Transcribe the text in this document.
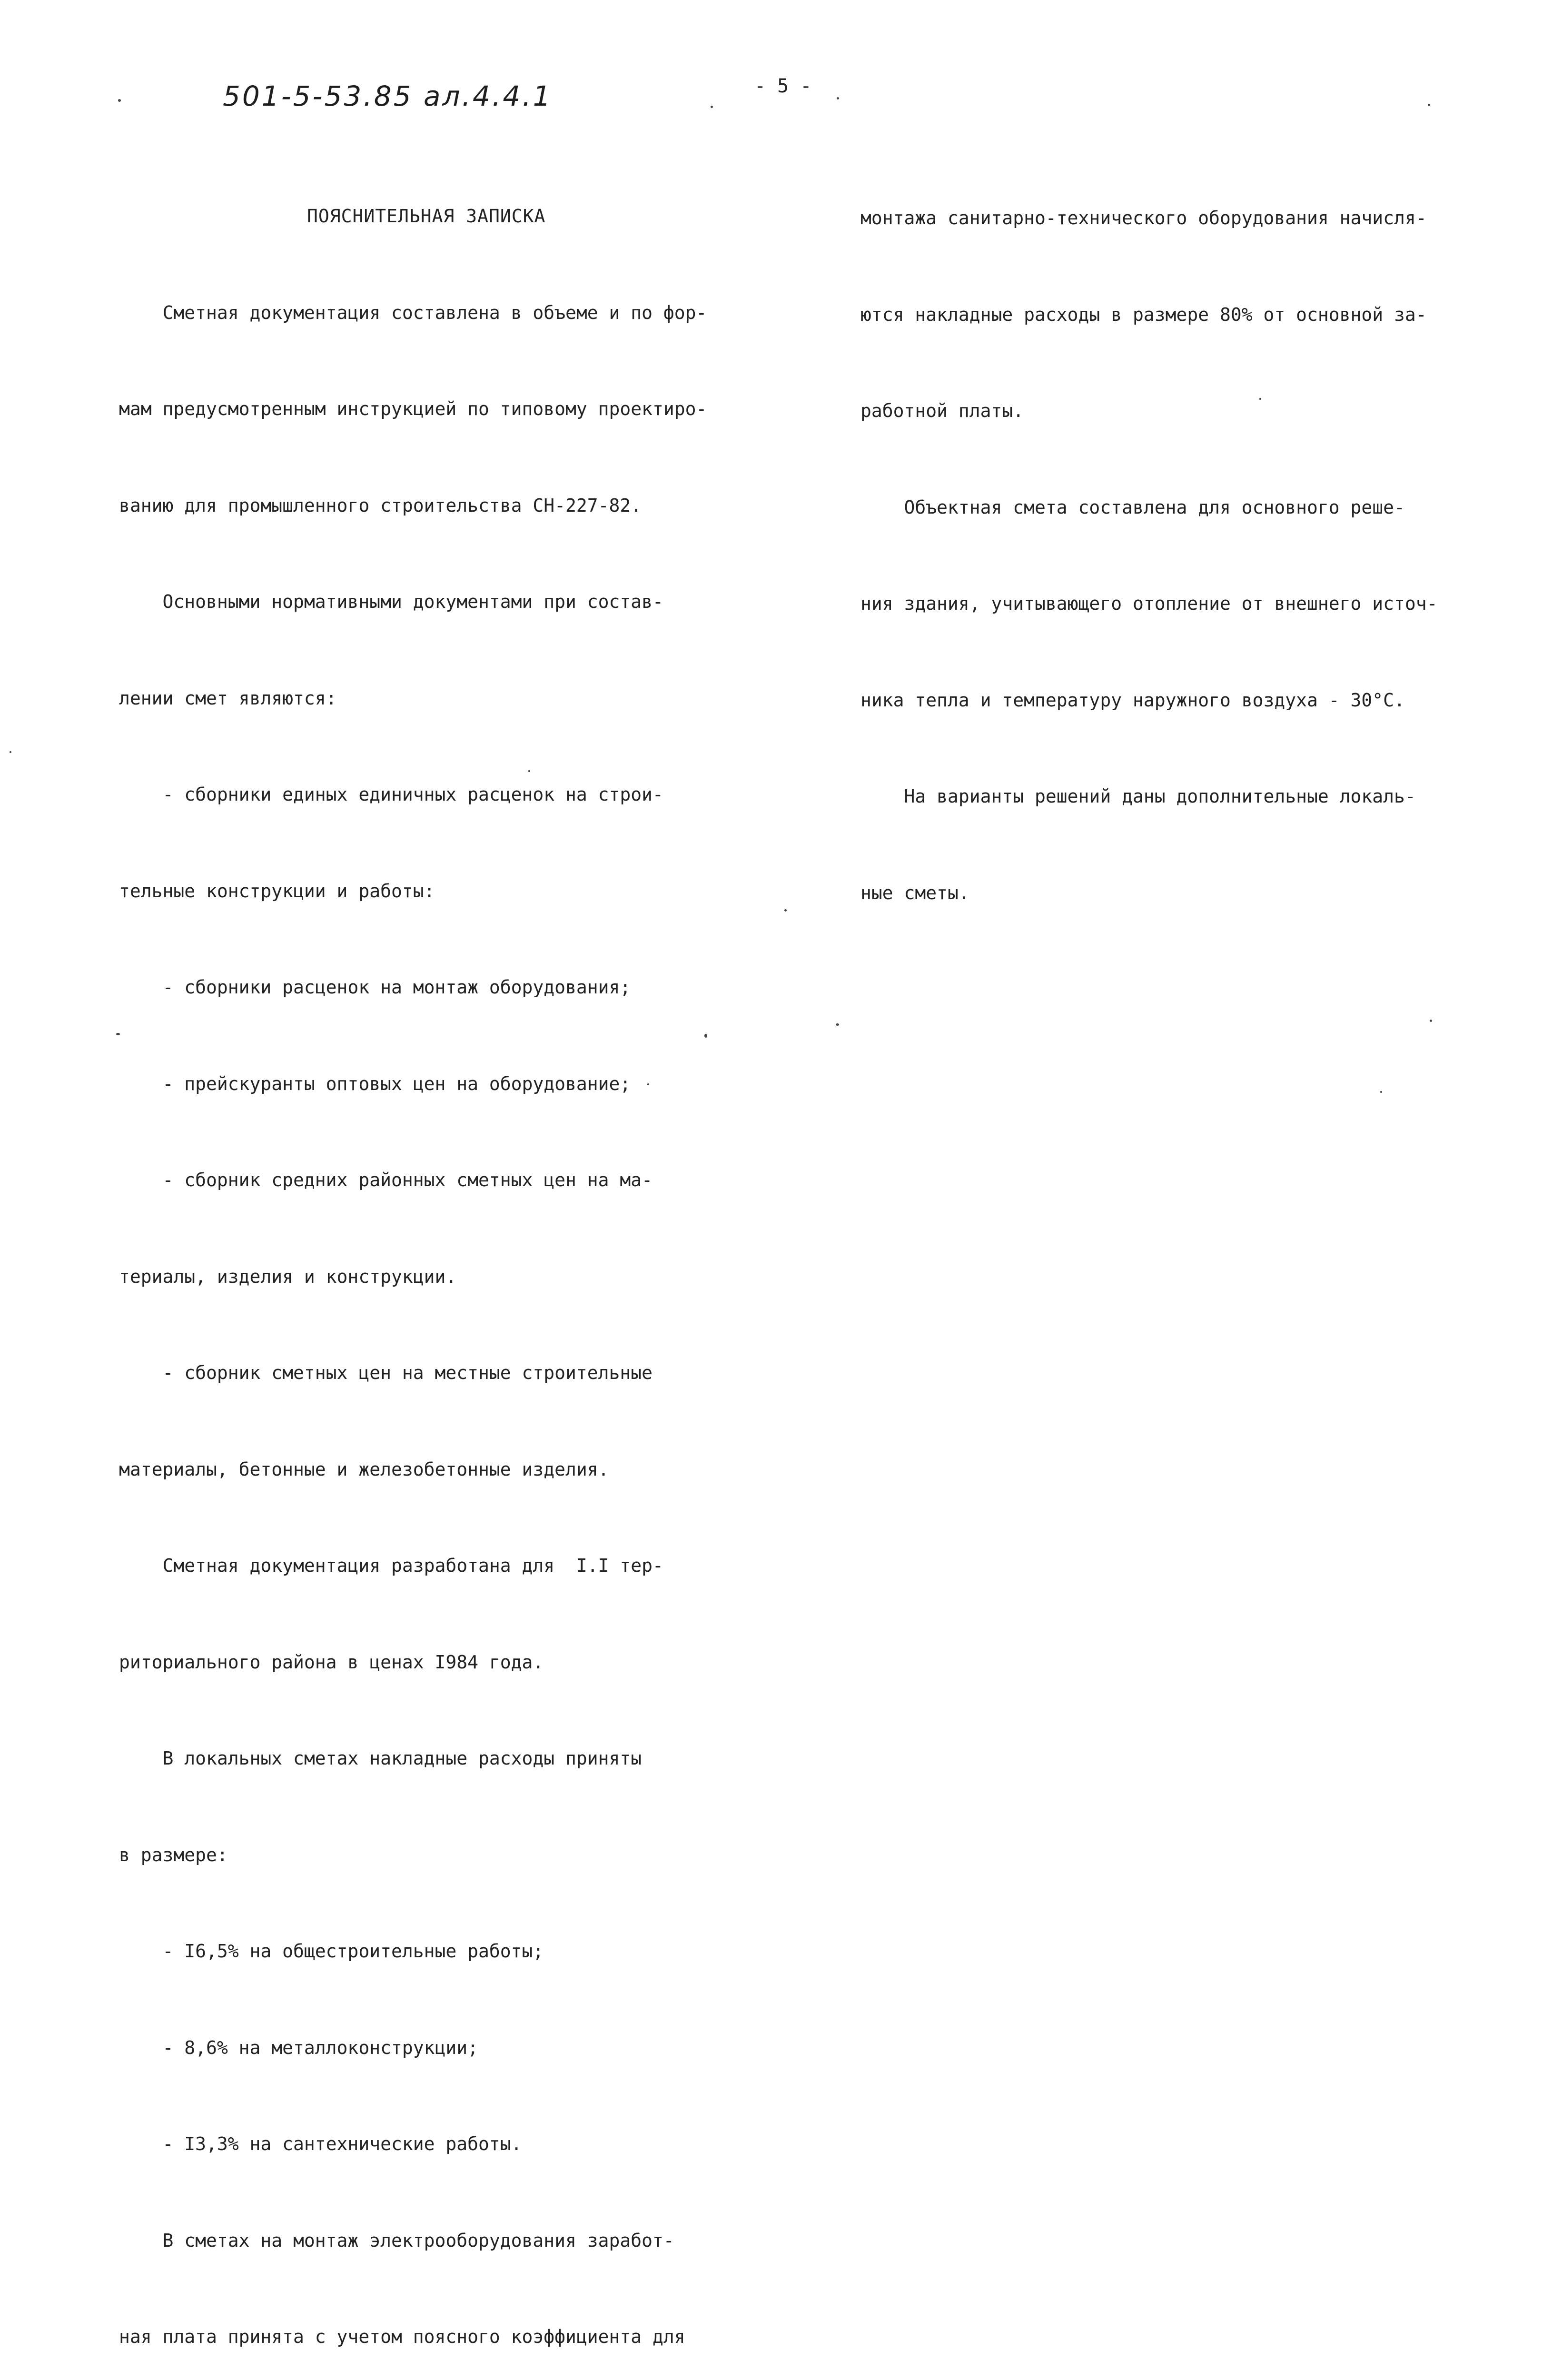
501-5-53.85 ал.4.4.1	- 5 -

ПОЯСНИТЕЛЬНАЯ ЗАПИСКА

Сметная документация составлена в объеме и по фор-

мам предусмотренным инструкцией по типовому проектиро-

ванию для промышленного строительства СН-227-82.

Основными нормативными документами при состав-

лении смет являются:

- сборники единых единичных расценок на строи-

тельные конструкции и работы:

- сборники расценок на монтаж оборудования;

- прейскуранты оптовых цен на оборудование;

- сборник средних районных сметных цен на ма-

териалы, изделия и конструкции.

- сборник сметных цен на местные строительные

материалы, бетонные и железобетонные изделия.

Сметная документация разработана для  I.I тер-

риториального района в ценах I984 года.

В локальных сметах накладные расходы приняты

в размере:

- I6,5% на общестроительные работы;

- 8,6% на металлоконструкции;

- I3,3% на сантехнические работы.

В сметах на монтаж электрооборудования заработ-

ная плата принята с учетом поясного коэффициента для

монтажа санитарно-технического оборудования начисля-

ются накладные расходы в размере 80% от основной за-

работной платы.

Объектная смета составлена для основного реше-

ния здания, учитывающего отопление от внешнего источ-

ника тепла и температуру наружного воздуха - 30°С.

На варианты решений даны дополнительные локаль-

ные сметы.
